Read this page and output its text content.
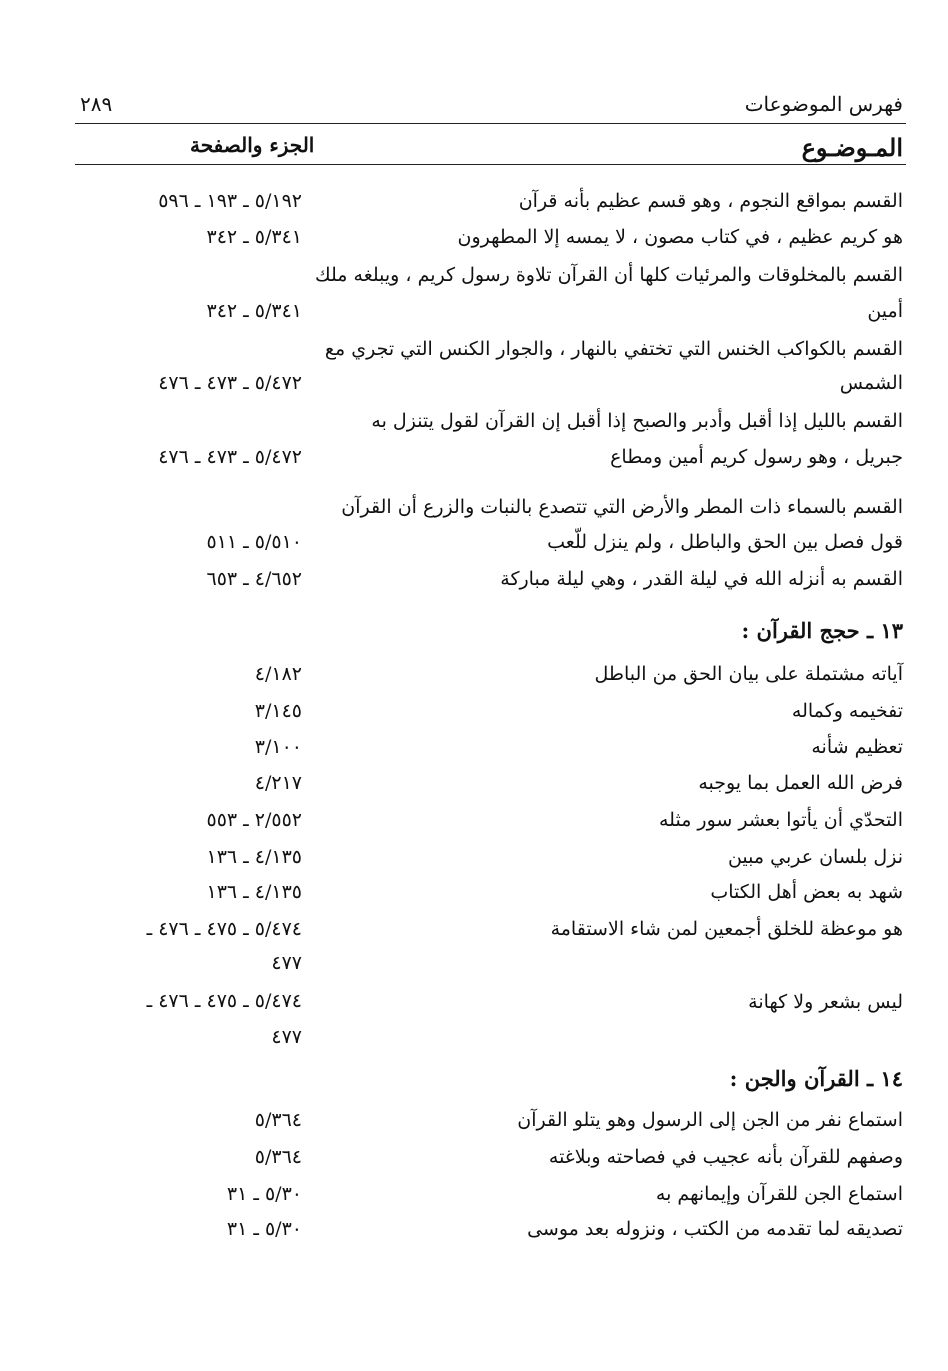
٢٨٩	فهرس الموضوعات
المـوضـوع
الجزء والصفحة
القسم بمواقع النجوم ، وهو قسم عظيم بأنه قرآن
٥/١٩٢ ـ ١٩٣ ـ ٥٩٦
هو كريم عظيم ، في كتاب مصون ، لا يمسه إلا المطهرون
٥/٣٤١ ـ ٣٤٢
القسم بالمخلوقات والمرئيات كلها أن القرآن تلاوة رسول كريم ، ويبلغه ملك
أمين
٥/٣٤١ ـ ٣٤٢
القسم بالكواكب الخنس التي تختفي بالنهار ، والجوار الكنس التي تجري مع
الشمس
٥/٤٧٢ ـ ٤٧٣ ـ ٤٧٦
القسم بالليل إذا أقبل وأدبر والصبح إذا أقبل إن القرآن لقول يتنزل به
جبريل ، وهو رسول كريم أمين ومطاع
٥/٤٧٢ ـ ٤٧٣ ـ ٤٧٦
القسم بالسماء ذات المطر والأرض التي تتصدع بالنبات والزرع أن القرآن
قول فصل بين الحق والباطل ، ولم ينزل للّعب
٥/٥١٠ ـ ٥١١
القسم به أنزله الله في ليلة القدر ، وهي ليلة مباركة
٤/٦٥٢ ـ ٦٥٣
١٣ ـ حجج القرآن :
آياته مشتملة على بيان الحق من الباطل
٤/١٨٢
تفخيمه وكماله
٣/١٤٥
تعظيم شأنه
٣/١٠٠
فرض الله العمل بما يوجبه
٤/٢١٧
التحدّي أن يأتوا بعشر سور مثله
٢/٥٥٢ ـ ٥٥٣
نزل بلسان عربي مبين
٤/١٣٥ ـ ١٣٦
شهد به بعض أهل الكتاب
٤/١٣٥ ـ ١٣٦
هو موعظة للخلق أجمعين لمن شاء الاستقامة
٥/٤٧٤ ـ ٤٧٥ ـ ٤٧٦ ـ
٤٧٧
٥/٤٧٤ ـ ٤٧٥ ـ ٤٧٦ ـ	ليس بشعر ولا كهانة
٤٧٧
١٤ ـ القرآن والجن :
استماع نفر من الجن إلى الرسول وهو يتلو القرآن
٥/٣٦٤
وصفهم للقرآن بأنه عجيب في فصاحته وبلاغته
٥/٣٦٤
استماع الجن للقرآن وإيمانهم به
٥/٣٠ ـ ٣١
تصديقه لما تقدمه من الكتب ، ونزوله بعد موسى
٥/٣٠ ـ ٣١
